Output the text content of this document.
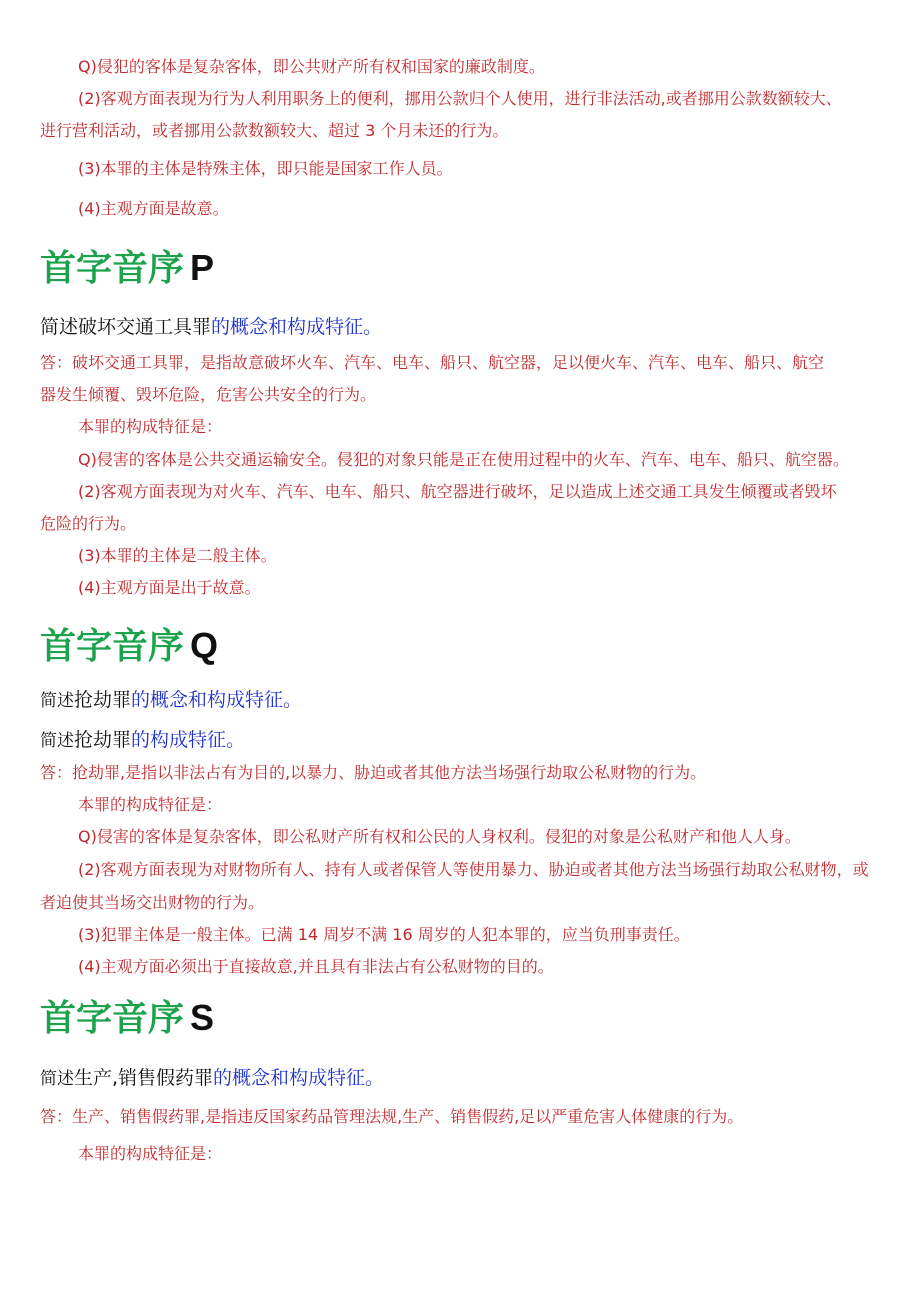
Q)侵犯的客体是复杂客体，即公共财产所有权和国家的廉政制度。

(2)客观方面表现为行为人利用职务上的便利，挪用公款归个人使用，进行非法活动,或者挪用公款数额较大、

进行营利活动，或者挪用公款数额较大、超过 3 个月未还的行为。

(3)本罪的主体是特殊主体，即只能是国家工作人员。

(4)主观方面是故意。

首字音序 P

简述破坏交通工具罪的概念和构成特征。

答：破坏交通工具罪，是指故意破坏火车、汽车、电车、船只、航空器，足以便火车、汽车、电车、船只、航空

器发生倾覆、毁坏危险，危害公共安全的行为。

本罪的构成特征是：

Q)侵害的客体是公共交通运输安全。侵犯的对象只能是正在使用过程中的火车、汽车、电车、船只、航空器。

(2)客观方面表现为对火车、汽车、电车、船只、航空器进行破坏，足以造成上述交通工具发生倾覆或者毁坏

危险的行为。

(3)本罪的主体是二般主体。

(4)主观方面是出于故意。

首字音序 Q

简述抢劫罪的概念和构成特征。

简述抢劫罪的构成特征。

答：抢劫罪,是指以非法占有为目的,以暴力、胁迫或者其他方法当场强行劫取公私财物的行为。

本罪的构成特征是：

Q)侵害的客体是复杂客体，即公私财产所有权和公民的人身权利。侵犯的对象是公私财产和他人人身。

(2)客观方面表现为对财物所有人、持有人或者保管人等使用暴力、胁迫或者其他方法当场强行劫取公私财物，或

者迫使其当场交出财物的行为。

(3)犯罪主体是一般主体。已满 14 周岁不满 16 周岁的人犯本罪的，应当负刑事责任。

(4)主观方面必须出于直接故意,并且具有非法占有公私财物的目的。

首字音序 S

简述生产,销售假药罪的概念和构成特征。

答：生产、销售假药罪,是指违反国家药品管理法规,生产、销售假药,足以严重危害人体健康的行为。

本罪的构成特征是：
